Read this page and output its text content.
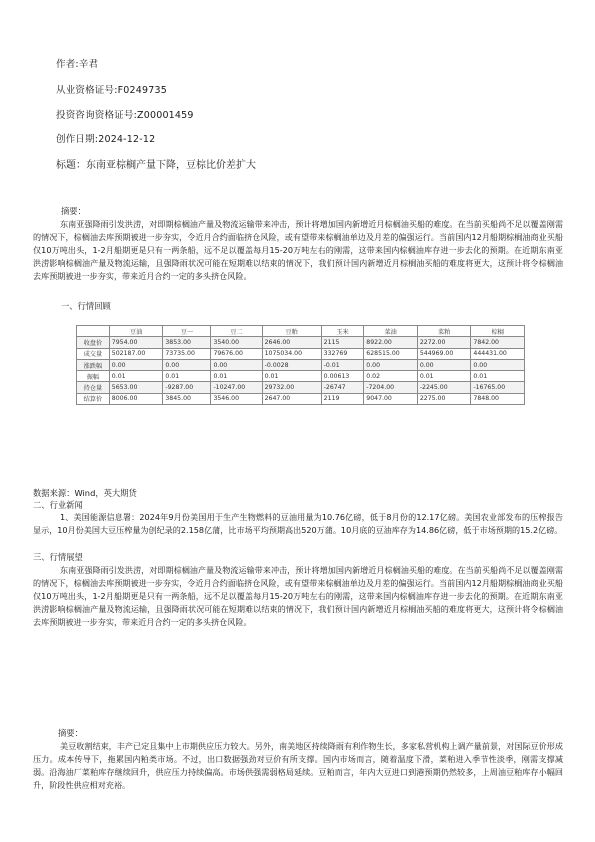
作者:辛君
从业资格证号:F0249735
投资咨询资格证号:Z00001459
创作日期:2024-12-12
标题：东南亚棕榈产量下降，豆棕比价差扩大
摘要：

东南亚强降雨引发洪涝，对即期棕榈油产量及物流运输带来冲击，预计将增加国内新增近月棕榈油买船的难度。在当前买船尚不足以覆盖刚需的情况下，棕榈油去库预期被进一步夯实，令近月合约面临挤仓风险，或有望带来棕榈油单边及月差的偏强运行。当前国内12月船期棕榈油商业买船仅10万吨出头，1-2月船期更是只有一两条船，远不足以覆盖每月15-20万吨左右的刚需，这带来国内棕榈油库存进一步去化的预期。在近期东南亚洪涝影响棕榈油产量及物流运输，且强降雨状况可能在短期难以结束的情况下，我们预计国内新增近月棕榈油买船的难度将更大，这预计将令棕榈油去库预期被进一步夯实，带来近月合约一定的多头挤仓风险。

一、行情回顾
	豆油	豆一	豆二	豆粕	玉米	菜油	菜粕	棕榈
收盘价	7954.00	3853.00	3540.00	2646.00	2115	8922.00	2272.00	7842.00
成交量	502187.00	73735.00	79676.00	1075034.00	332769	628515.00	544969.00	444431.00
涨跌幅	0.00	0.00	0.00	-0.0028	-0.01	0.00	0.00	0.00
振幅	0.01	0.01	0.01	0.01	0.00613	0.02	0.01	0.01
持仓量	5653.00	-9287.00	-10247.00	29732.00	-26747	-7204.00	-2245.00	-16765.00
结算价	8006.00	3845.00	3546.00	2647.00	2119	9047.00	2275.00	7848.00
数据来源：Wind，英大期货
二、行业新闻

1、美国能源信息署：2024年9月份美国用于生产生物燃料的豆油用量为10.76亿磅，低于8月份的12.17亿磅。美国农业部发布的压榨报告显示，10月份美国大豆压榨量为创纪录的2.158亿蒲，比市场平均预期高出520万蒲。10月底的豆油库存为14.86亿磅，低于市场预期的15.2亿磅。

三、行情展望

东南亚强降雨引发洪涝，对即期棕榈油产量及物流运输带来冲击，预计将增加国内新增近月棕榈油买船的难度。在当前买船尚不足以覆盖刚需的情况下，棕榈油去库预期被进一步夯实，令近月合约面临挤仓风险，或有望带来棕榈油单边及月差的偏强运行。当前国内12月船期棕榈油商业买船仅10万吨出头，1-2月船期更是只有一两条船，远不足以覆盖每月15-20万吨左右的刚需，这带来国内棕榈油库存进一步去化的预期。在近期东南亚洪涝影响棕榈油产量及物流运输，且强降雨状况可能在短期难以结束的情况下，我们预计国内新增近月棕榈油买船的难度将更大，这预计将令棕榈油去库预期被进一步夯实，带来近月合约一定的多头挤仓风险。

摘要：

美豆收割结束，丰产已定且集中上市期供应压力较大。另外，南美地区持续降雨有利作物生长，多家私营机构上调产量前景，对国际豆价形成压力。成本传导下，拖累国内粕类市场。不过，出口数据强劲对豆价有所支撑。国内市场而言，随着温度下滑，菜粕进入季节性淡季，刚需支撑减弱。沿海油厂菜粕库存继续回升，供应压力持续偏高。市场供强需弱格局延续。豆粕而言，年内大豆进口到港预期仍然较多，上周油豆粕库存小幅回升，阶段性供应相对充裕。
